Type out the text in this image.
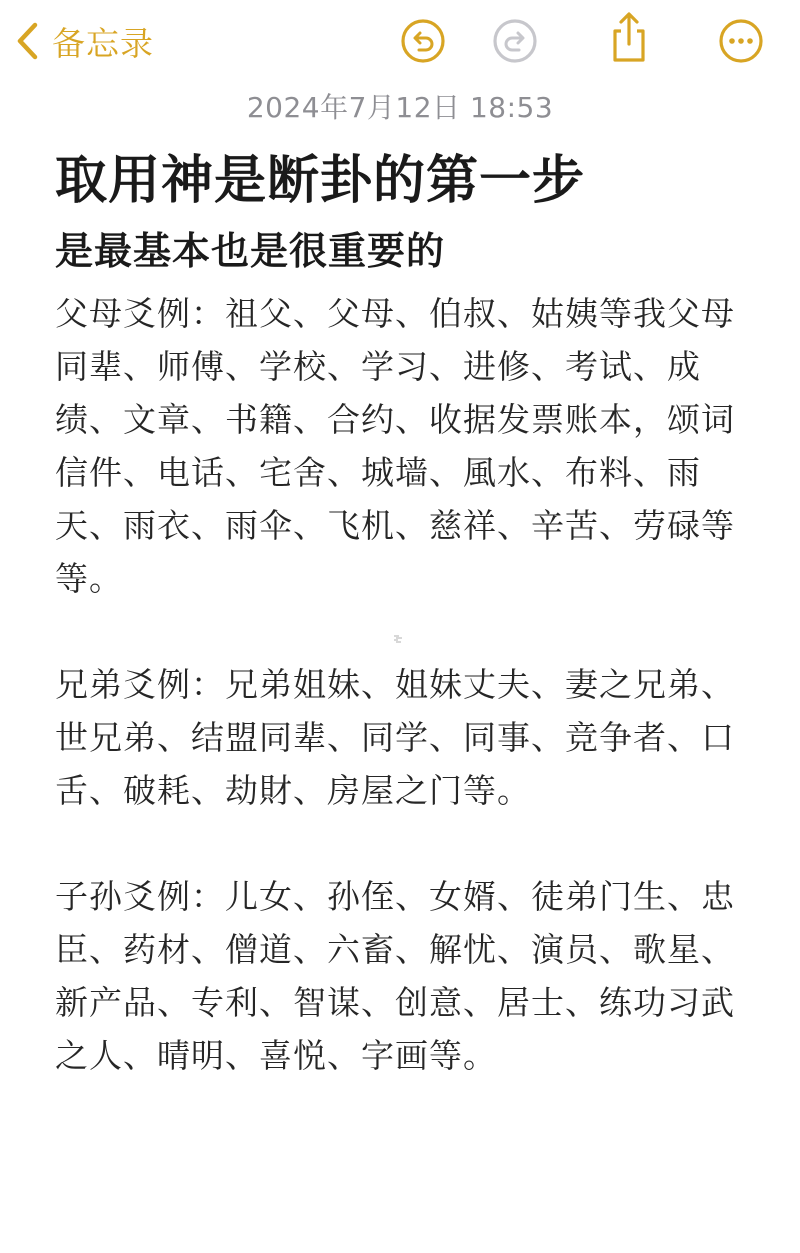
备忘录
2024年7月12日 18:53
取用神是断卦的第一步
是最基本也是很重要的
父母爻例：祖父、父母、伯叔、姑姨等我父母同辈、师傅、学校、学习、进修、考试、成绩、文章、书籍、合约、收据发票账本，颂词信件、电话、宅舍、城墙、風水、布料、雨天、雨衣、雨伞、飞机、慈祥、辛苦、劳碌等等。
兄弟爻例：兄弟姐妹、姐妹丈夫、妻之兄弟、世兄弟、结盟同辈、同学、同事、竞争者、口舌、破耗、劫財、房屋之门等。
子孙爻例：儿女、孙侄、女婿、徒弟门生、忠臣、药材、僧道、六畜、解忧、演员、歌星、新产品、专利、智谋、创意、居士、练功习武之人、晴明、喜悦、字画等。
